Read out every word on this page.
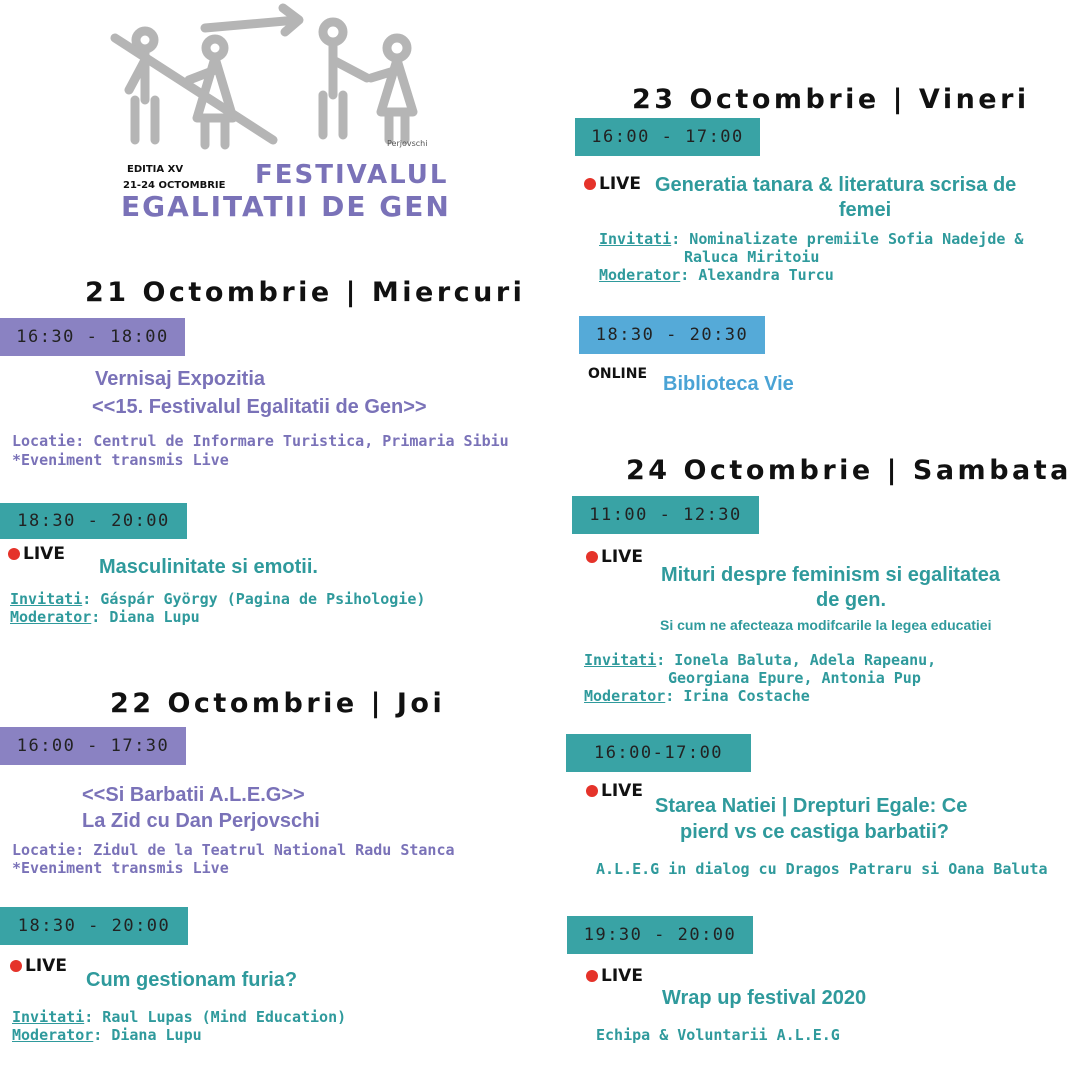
Perjovschi
EDITIA XV
21-24 OCTOMBRIE FESTIVALUL
EGALITATII DE GEN
21 Octombrie | Miercuri
16:30 - 18:00
Vernisaj Expozitia
<<15. Festivalul Egalitatii de Gen>>
Locatie: Centrul de Informare Turistica, Primaria Sibiu
*Eveniment transmis Live
18:30 - 20:00
LIVE
Masculinitate si emotii.
Invitati: Gáspár György (Pagina de Psihologie)
Moderator: Diana Lupu
22 Octombrie | Joi
16:00 - 17:30
<<Si Barbatii A.L.E.G>>
La Zid cu Dan Perjovschi
Locatie: Zidul de la Teatrul National Radu Stanca
*Eveniment transmis Live
18:30 - 20:00
LIVE
Cum gestionam furia?
Invitati: Raul Lupas (Mind Education)
Moderator: Diana Lupu
23 Octombrie | Vineri
16:00 - 17:00
LIVE Generatia tanara & literatura scrisa de
femei
Invitati: Nominalizate premiile Sofia Nadejde &
Raluca Miritoiu
Moderator: Alexandra Turcu
18:30 - 20:30
ONLINE Biblioteca Vie
24 Octombrie | Sambata
11:00 - 12:30
LIVE
Mituri despre feminism si egalitatea
de gen.
Si cum ne afecteaza modifcarile la legea educatiei
Invitati: Ionela Baluta, Adela Rapeanu,
Georgiana Epure, Antonia Pup
Moderator: Irina Costache
16:00-17:00
LIVE
Starea Natiei | Drepturi Egale: Ce
pierd vs ce castiga barbatii?
A.L.E.G in dialog cu Dragos Patraru si Oana Baluta
19:30 - 20:00
LIVE
Wrap up festival 2020
Echipa & Voluntarii A.L.E.G
